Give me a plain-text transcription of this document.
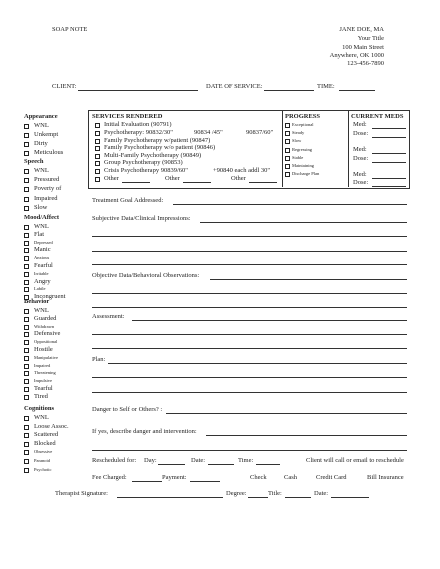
SOAP NOTE	JANE DOE, MA
Your Title
100 Main Street
Anywhere, OK 1000
123-456-7890
CLIENT:	DATE OF SERVICE:	TIME:
Appearance
Speech
Mood/Affect
Behavior
Cognitions
WNL
Unkempt
Dirty
Meticulous
WNL
Pressured
Poverty of
Impaired
Slow
WNL
Flat
Depressed
Manic
Anxious
Fearful
Irritable
Angry
Labile
Incongruent
WNL
Guarded
Withdrawn
Defensive
Oppositional
Hostile
Manipulative
Impaired
Threatening
Impulsive
Tearful
Tired
WNL
Loose Assoc.
Scattered
Blocked
Obsessive
Paranoid
Psychotic
SERVICES RENDERED
Initial Evaluation (90791)
Psychotherapy: 90832/30"	90834 /45"	90837/60"
Family Psychotherapy w/patient (90847)
Family Psychotherapy w/o patient (90846)
Multi-Family Psychotherapy (90849)
Group Psychotherapy (90853)
Crisis Psychotherapy 90839/60"	+90840 each addl 30"
Other	Other	Other
PROGRESS
Exceptional
Steady
Slow
Regressing
Stable
Maintaining
Discharge Plan
CURRENT MEDS
Med:
Dose:
Med:
Dose:
Med:
Dose:
Treatment Goal Addressed:
Subjective Data/Clinical Impressions:
Objective Data/Behavioral Observations:
Assessment:
Plan:
Danger to Self or Others? :
If yes, describe danger and intervention:
Rescheduled for: Day:	Date:	Time:	Client will call or email to reschedule
Fee Charged:	Payment:	Check	Cash	Credit Card	Bill Insurance
Therapist Signature:	Degree:	Title:	Date:
